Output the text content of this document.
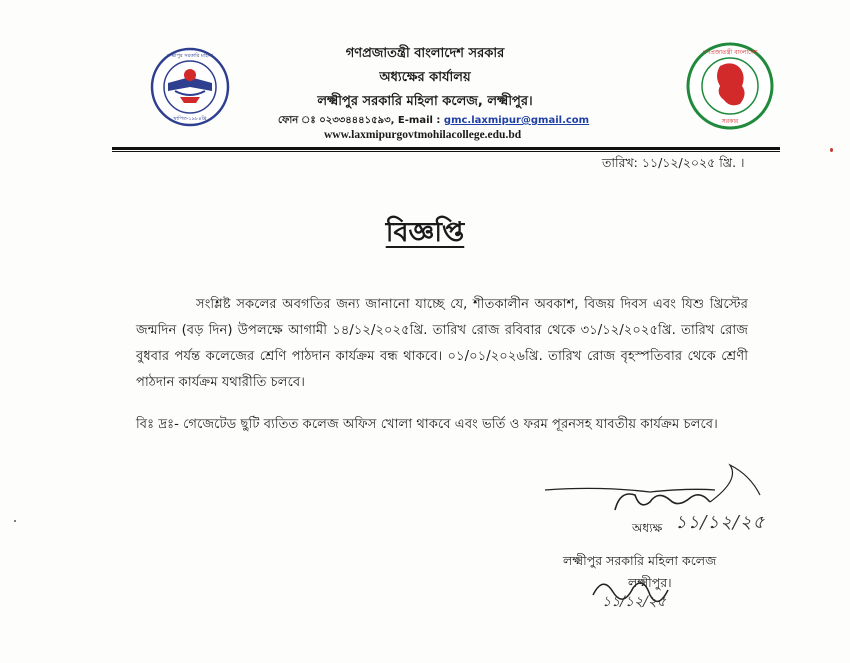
স্থাপিত-১৯৮৪খ্রি
লক্ষ্মীপুর সরকারি মহিলা	গণপ্রজাতন্ত্রী বাংলাদেশ সরকার
অধ্যক্ষের কার্যালয়
লক্ষ্মীপুর সরকারি মহিলা কলেজ, লক্ষ্মীপুর।
ফোন ঃ ০২৩৩৪৪৪১৫৯৩, E-mail : gmc.laxmipur@gmail.com
www.laxmipurgovtmohilacollege.edu.bd
গণপ্রজাতন্ত্রী বাংলাদেশ
সরকার
তারিখ: ১১/১২/২০২৫ খ্রি. ।
বিজ্ঞপ্তি
সংশ্লিষ্ট সকলের অবগতির জন্য জানানো যাচ্ছে যে, শীতকালীন অবকাশ, বিজয় দিবস এবং যিশু খ্রিস্টের জন্মদিন (বড় দিন) উপলক্ষে আগামী ১৪/১২/২০২৫খ্রি. তারিখ রোজ রবিবার থেকে ৩১/১২/২০২৫খ্রি. তারিখ রোজ বুধবার পর্যন্ত কলেজের শ্রেণি পাঠদান কার্যক্রম বন্ধ থাকবে। ০১/০১/২০২৬খ্রি. তারিখ রোজ বৃহস্পতিবার থেকে শ্রেণী পাঠদান কার্যক্রম যথারীতি চলবে।
বিঃ দ্রঃ- গেজেটেড ছুটি ব্যতিত কলেজ অফিস খোলা থাকবে এবং ভর্তি ও ফরম পূরনসহ যাবতীয় কার্যক্রম চলবে।
১১/১২/২৫
অধ্যক্ষ
লক্ষ্মীপুর সরকারি মহিলা কলেজ
লক্ষ্মীপুর।
১১/১২/২৫
